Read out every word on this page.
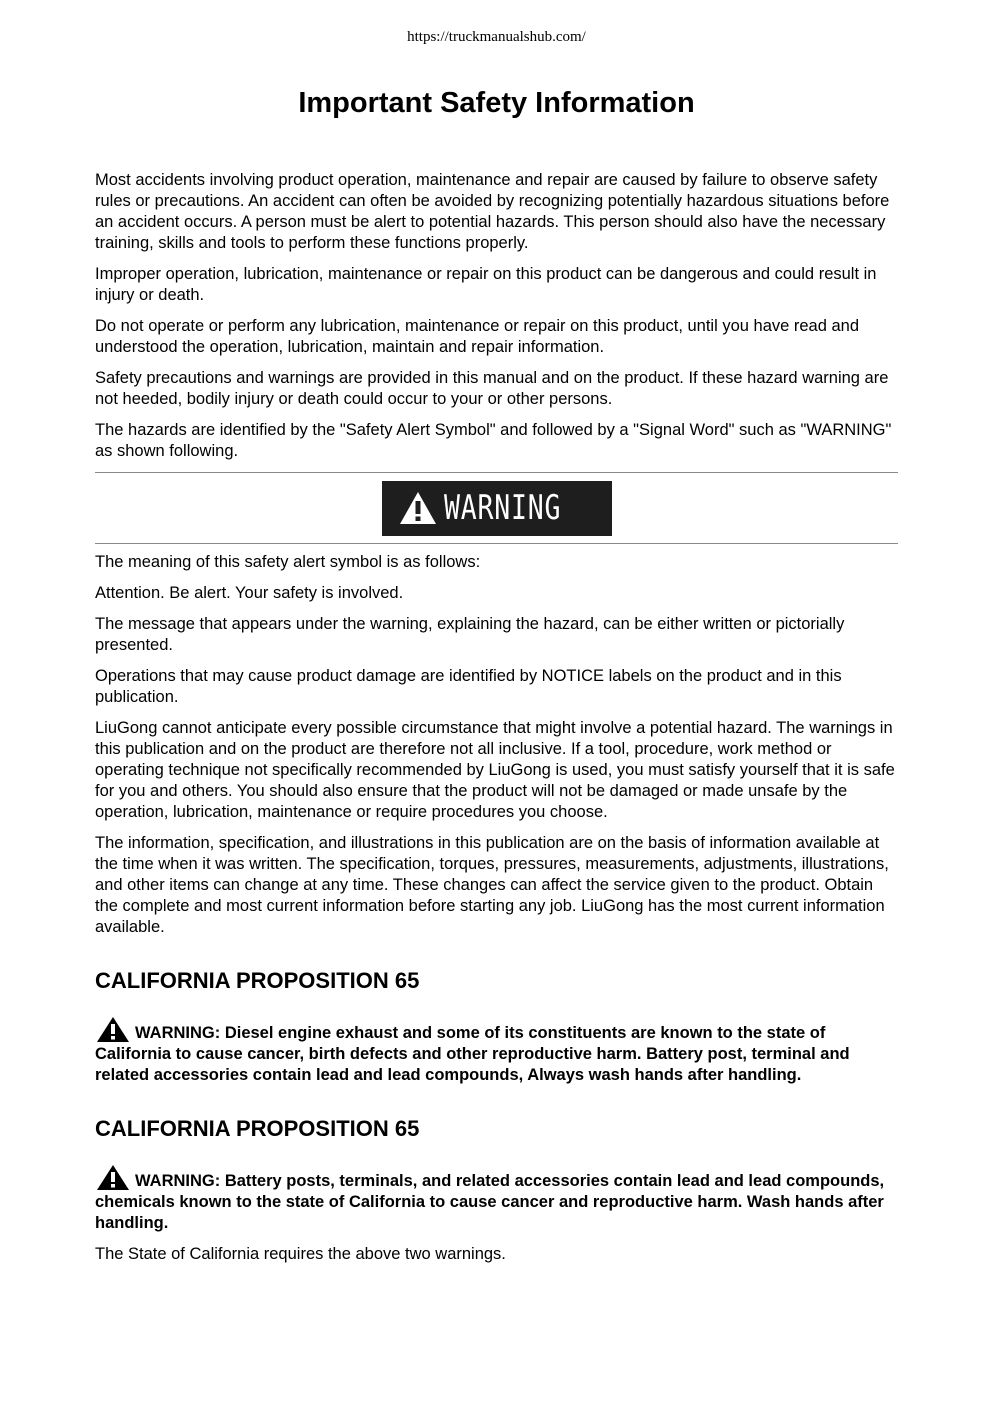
https://truckmanualshub.com/
Important Safety Information

Most accidents involving product operation, maintenance and repair are caused by failure to observe safety rules or precautions. An accident can often be avoided by recognizing potentially hazardous situations before an accident occurs. A person must be alert to potential hazards. This person should also have the necessary training, skills and tools to perform these functions properly.

Improper operation, lubrication, maintenance or repair on this product can be dangerous and could result in injury or death.

Do not operate or perform any lubrication, maintenance or repair on this product, until you have read and understood the operation, lubrication, maintain and repair information.

Safety precautions and warnings are provided in this manual and on the product. If these hazard warning are not heeded, bodily injury or death could occur to your or other persons.

The hazards are identified by the "Safety Alert Symbol" and followed by a "Signal Word" such as "WARNING" as shown following.

WARNING

The meaning of this safety alert symbol is as follows:

Attention. Be alert. Your safety is involved.

The message that appears under the warning, explaining the hazard, can be either written or pictorially presented.

Operations that may cause product damage are identified by NOTICE labels on the product and in this publication.

LiuGong cannot anticipate every possible circumstance that might involve a potential hazard. The warnings in this publication and on the product are therefore not all inclusive. If a tool, procedure, work method or operating technique not specifically recommended by LiuGong is used, you must satisfy yourself that it is safe for you and others. You should also ensure that the product will not be damaged or made unsafe by the operation, lubrication, maintenance or require procedures you choose.

The information, specification, and illustrations in this publication are on the basis of information available at the time when it was written. The specification, torques, pressures, measurements, adjustments, illustrations, and other items can change at any time. These changes can affect the service given to the product. Obtain the complete and most current information before starting any job. LiuGong has the most current information available.

CALIFORNIA PROPOSITION 65

WARNING: Diesel engine exhaust and some of its constituents are known to the state of California to cause cancer, birth defects and other reproductive harm. Battery post, terminal and related accessories contain lead and lead compounds, Always wash hands after handling.

CALIFORNIA PROPOSITION 65

WARNING: Battery posts, terminals, and related accessories contain lead and lead compounds, chemicals known to the state of California to cause cancer and reproductive harm. Wash hands after handling.

The State of California requires the above two warnings.
